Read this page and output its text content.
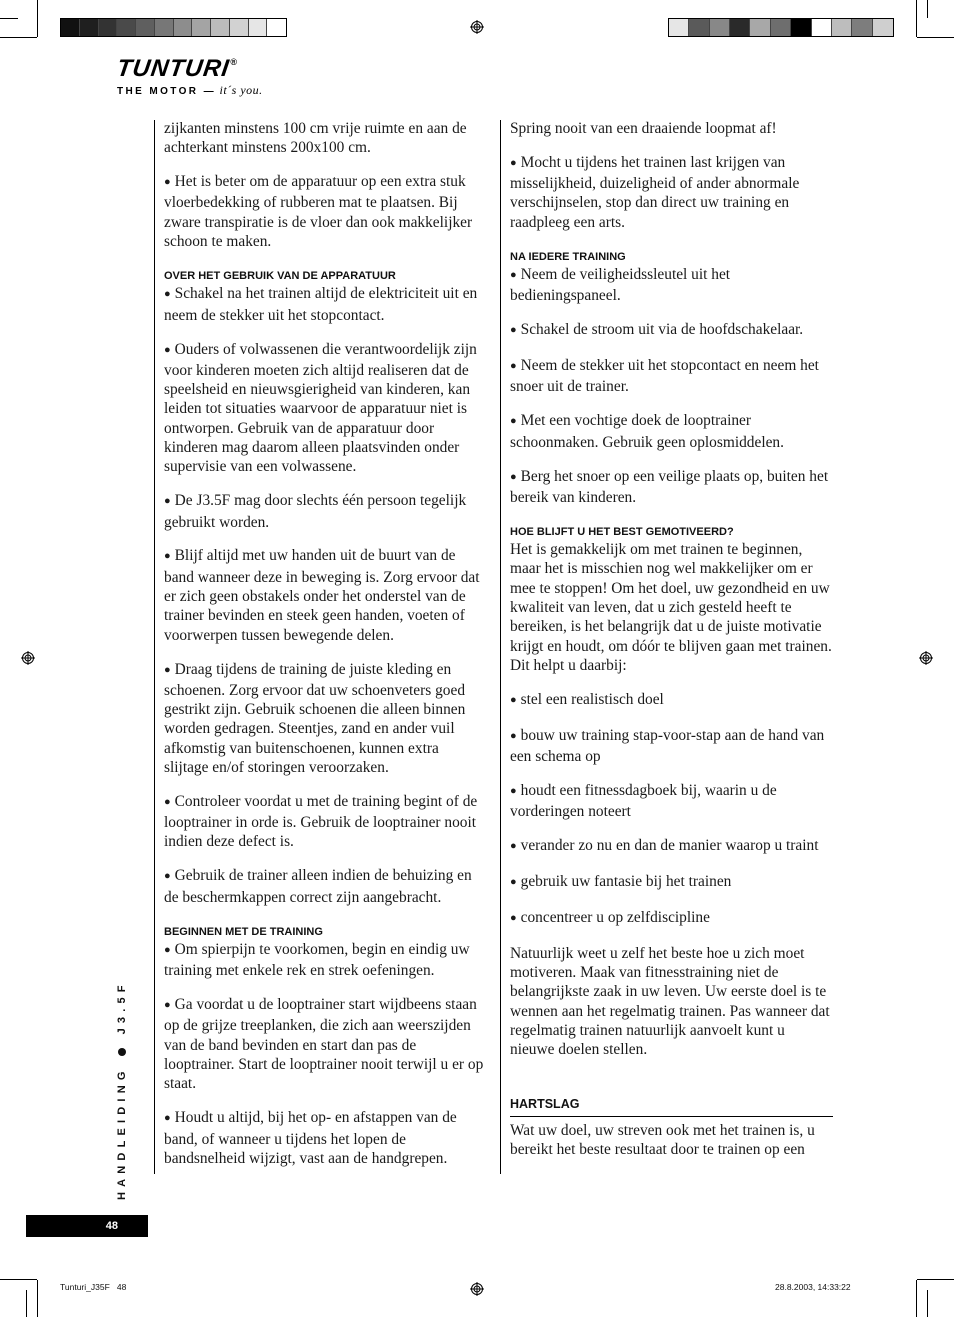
TUNTURI®
THE MOTOR — it´s you.

zijkanten minstens 100 cm vrije ruimte en aan de achterkant minstens 200x100 cm.

● Het is beter om de apparatuur op een extra stuk vloerbedekking of rubberen mat te plaatsen. Bij zware transpiratie is de vloer dan ook makkelijker schoon te maken.

OVER HET GEBRUIK VAN DE APPARATUUR

● Schakel na het trainen altijd de elektriciteit uit en neem de stekker uit het stopcontact.

● Ouders of volwassenen die verantwoordelijk zijn voor kinderen moeten zich altijd realiseren dat de speelsheid en nieuwsgierigheid van kinderen, kan leiden tot situaties waarvoor de apparatuur niet is ontworpen. Gebruik van de apparatuur door kinderen mag daarom alleen plaatsvinden onder supervisie van een volwassene.

● De J3.5F mag door slechts één persoon tegelijk gebruikt worden.

● Blijf altijd met uw handen uit de buurt van de band wanneer deze in beweging is. Zorg ervoor dat er zich geen obstakels onder het onderstel van de trainer bevinden en steek geen handen, voeten of voorwerpen tussen bewegende delen.

● Draag tijdens de training de juiste kleding en schoenen. Zorg ervoor dat uw schoenveters goed gestrikt zijn. Gebruik schoenen die alleen binnen worden gedragen. Steentjes, zand en ander vuil afkomstig van buitenschoenen, kunnen extra slijtage en/of storingen veroorzaken.

● Controleer voordat u met de training begint of de looptrainer in orde is. Gebruik de looptrainer nooit indien deze defect is.

● Gebruik de trainer alleen indien de behuizing en de beschermkappen correct zijn aangebracht.

BEGINNEN MET DE TRAINING

● Om spierpijn te voorkomen, begin en eindig uw training met enkele rek en strek oefeningen.

● Ga voordat u de looptrainer start wijdbeens staan op de grijze treeplanken, die zich aan weerszijden van de band bevinden en start dan pas de looptrainer. Start de looptrainer nooit terwijl u er op staat.

● Houdt u altijd, bij het op- en afstappen van de band, of wanneer u tijdens het lopen de bandsnelheid wijzigt, vast aan de handgrepen.

Spring nooit van een draaiende loopmat af!

● Mocht u tijdens het trainen last krijgen van misselijkheid, duizeligheid of ander abnormale verschijnselen, stop dan direct uw training en raadpleeg een arts.

NA IEDERE TRAINING

● Neem de veiligheidssleutel uit het bedieningspaneel.

● Schakel de stroom uit via de hoofdschakelaar.

● Neem de stekker uit het stopcontact en neem het snoer uit de trainer.

● Met een vochtige doek de looptrainer schoonmaken. Gebruik geen oplosmiddelen.

● Berg het snoer op een veilige plaats op, buiten het bereik van kinderen.

HOE BLIJFT U HET BEST GEMOTIVEERD?

Het is gemakkelijk om met trainen te beginnen, maar het is misschien nog wel makkelijker om er mee te stoppen! Om het doel, uw gezondheid en uw kwaliteit van leven, dat u zich gesteld heeft te bereiken, is het belangrijk dat u de juiste motivatie krijgt en houdt, om dóór te blijven gaan met trainen. Dit helpt u daarbij:

● stel een realistisch doel

● bouw uw training stap-voor-stap aan de hand van een schema op

● houdt een fitnessdagboek bij, waarin u de vorderingen noteert

● verander zo nu en dan de manier waarop u traint

● gebruik uw fantasie bij het trainen

● concentreer u op zelfdiscipline

Natuurlijk weet u zelf het beste hoe u zich moet motiveren. Maak van fitnesstraining niet de belangrijkste zaak in uw leven. Uw eerste doel is te wennen aan het regelmatig trainen. Pas wanneer dat regelmatig trainen natuurlijk aanvoelt kunt u nieuwe doelen stellen.

HARTSLAG

Wat uw doel, uw streven ook met het trainen is, u bereikt het beste resultaat door te trainen op een

HANDLEIDINGJ3.5F
48
Tunturi_J35F   48	28.8.2003, 14:33:22
